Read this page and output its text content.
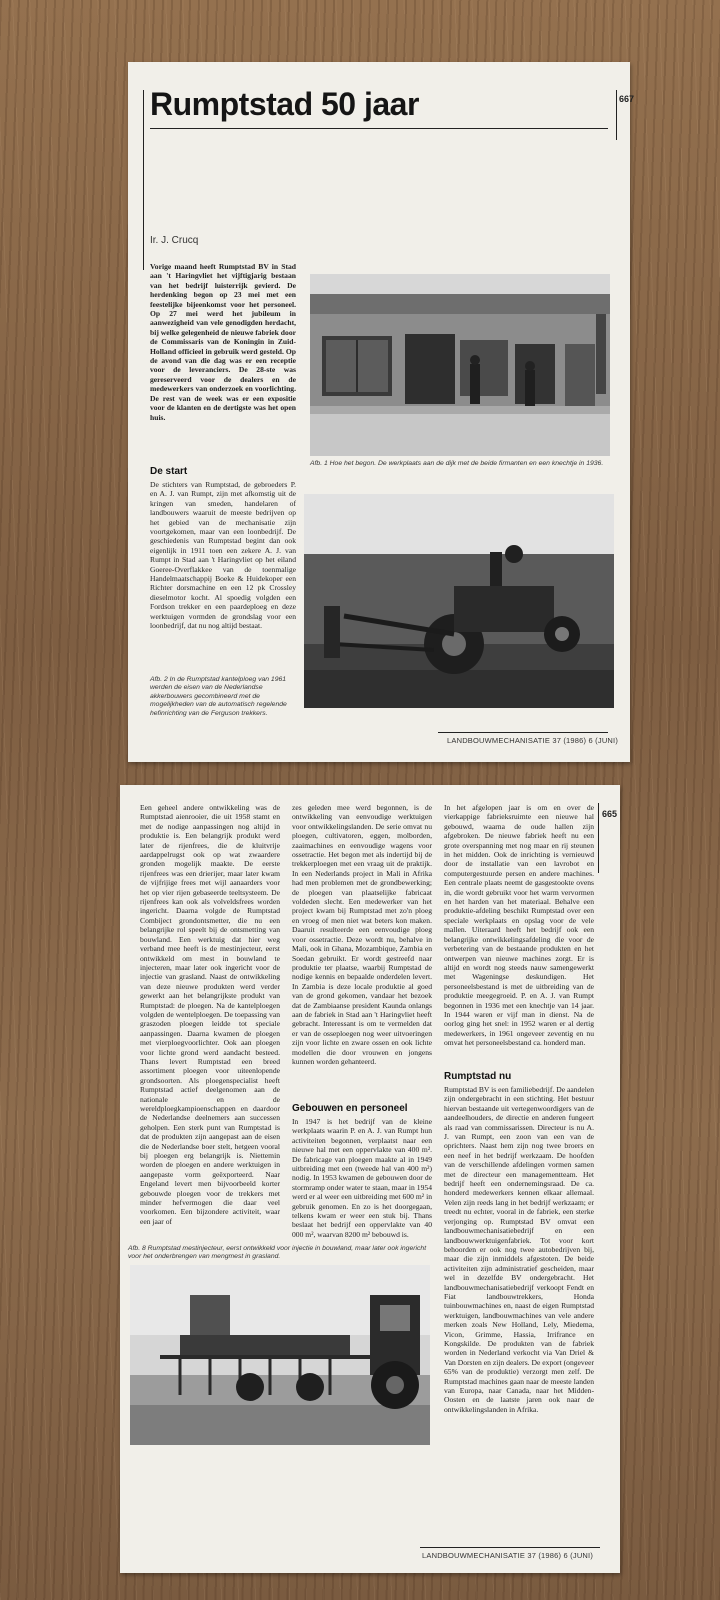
Rumptstad 50 jaar	667

Ir. J. Crucq

Vorige maand heeft Rumptstad BV in Stad aan 't Haringvliet het vijftigjarig bestaan van het bedrijf luisterrijk gevierd. De herdenking begon op 23 mei met een feestelijke bijeenkomst voor het personeel. Op 27 mei werd het jubileum in aanwezigheid van vele genodigden herdacht, bij welke gelegenheid de nieuwe fabriek door de Commissaris van de Koningin in Zuid-Holland officieel in gebruik werd gesteld. Op de avond van die dag was er een receptie voor de leveranciers. De 28-ste was gereserveerd voor de dealers en de medewerkers van onderzoek en voorlichting. De rest van de week was er een expositie voor de klanten en de dertigste was het open huis.

De start

De stichters van Rumptstad, de gebroeders P. en A. J. van Rumpt, zijn met afkomstig uit de kringen van smeden, handelaren of landbouwers waaruit de meeste bedrijven op het gebied van de mechanisatie zijn voortgekomen, maar van een loonbedrijf. De geschiedenis van Rumptstad begint dan ook eigenlijk in 1911 toen een zekere A. J. van Rumpt in Stad aan 't Haringvliet op het eiland Goeree-Overflakkee van de toenmalige Handelmaatschappij Boeke & Huidekoper een Richter dorsmachine en een 12 pk Crossley dieselmotor kocht. Al spoedig volgden een Fordson trekker en een paardeploeg en deze werktuigen vormden de grondslag voor een loonbedrijf, dat nu nog altijd bestaat.

Afb. 1 Hoe het begon. De werkplaats aan de dijk met de beide firmanten en een knechtje in 1936.

Afb. 2 In de Rumptstad kantelploeg van 1961 werden de eisen van de Nederlandse akkerbouwers gecombineerd met de mogelijkheden van de automatisch regelende hefinrichting van de Ferguson trekkers.

LANDBOUWMECHANISATIE 37 (1986) 6 (JUNI)

665

Een geheel andere ontwikkeling was de Rumptstad aienrooier, die uit 1958 stamt en met de nodige aanpassingen nog altijd in produktie is. Een belangrijk produkt werd later de rijenfrees, die de kluitvrije aardappelrugst ook op wat zwaardere gronden mogelijk maakte. De eerste rijenfrees was een drierijer, maar later kwam de vijfrijige frees met wijl aanaarders voor het op vier rijen gebaseerde teeltsysteem. De rijenfrees kan ook als volveldsfrees worden ingericht. Daarna volgde de Rumptstad Combiject grondontsmetter, die nu een belangrijke rol speelt bij de ontsmetting van bouwland. Een werktuig dat hier weg verband mee heeft is de mestinjecteur, eerst ontwikkeld om mest in bouwland te injecteren, maar later ook ingericht voor de injectie van grasland. Naast de ontwikkeling van deze nieuwe produkten werd verder gewerkt aan het belangrijkste produkt van Rumptstad: de ploegen. Na de kantelploegen volgden de wentelploegen. De toepassing van graszoden ploegen leidde tot speciale aanpassingen. Daarna kwamen de ploegen met vierploegvoorlichter. Ook aan ploegen voor lichte grond werd aandacht besteed. Thans levert Rumptstad een breed assortiment ploegen voor uiteenlopende grondsoorten. Als ploegenspecialist heeft Rumptstad actief deelgenomen aan de nationale en de wereldploegkampioenschappen en daardoor de Nederlandse deelnemers aan successen geholpen. Een sterk punt van Rumptstad is dat de produkten zijn aangepast aan de eisen die de Nederlandse boer stelt, hetgeen vooral bij ploegen erg belangrijk is. Niettemin worden de ploegen en andere werktuigen in aangepaste vorm geëxporteerd. Naar Engeland levert men bijvoorbeeld korter gebouwde ploegen voor de trekkers met minder hefvermogen die daar veel voorkomen. Een bijzondere activiteit, waar een jaar of

zes geleden mee werd begonnen, is de ontwikkeling van eenvoudige werktuigen voor ontwikkelingslanden. De serie omvat nu ploegen, cultivatoren, eggen, molborden, zaaimachines en eenvoudige wagens voor ossetractie. Het begon met als indertijd bij de trekkerploegen met een vraag uit de praktijk. In een Nederlands project in Mali in Afrika had men problemen met de grondbewerking; de ploegen van plaatselijke fabricaat voldeden slecht. Een medewerker van het project kwam bij Rumptstad met zo'n ploeg en vroeg of men niet wat beters kon maken. Daaruit resulteerde een eenvoudige ploeg voor ossetractie. Deze wordt nu, behalve in Mali, ook in Ghana, Mozambique, Zambia en Soedan gebruikt. Er wordt gestreefd naar produktie ter plaatse, waarbij Rumptstad de nodige kennis en bepaalde onderdelen levert. In Zambia is deze locale produktie al goed van de grond gekomen, vandaar het bezoek dat de Zambiaanse president Kaunda onlangs aan de fabriek in Stad aan 't Haringvliet heeft gebracht. Interessant is om te vermelden dat er van de osseploegen nog weer uitvoeringen zijn voor lichte en zware ossen en ook lichte modellen die door vrouwen en jongens kunnen worden gehanteerd.

Gebouwen en personeel

In 1947 is het bedrijf van de kleine werkplaats waarin P. en A. J. van Rumpt hun activiteiten begonnen, verplaatst naar een nieuwe hal met een oppervlakte van 400 m². De fabricage van ploegen maakte al in 1949 uitbreiding met een (tweede hal van 400 m²) nodig. In 1953 kwamen de gebouwen door de stormramp onder water te staan, maar in 1954 werd er al weer een uitbreiding met 600 m² in gebruik genomen. En zo is het doorgegaan, telkens kwam er weer een stuk bij. Thans beslaat het bedrijf een oppervlakte van 40 000 m², waarvan 8200 m² bebouwd is.

In het afgelopen jaar is om en over de vierkappige fabrieksruimte een nieuwe hal gebouwd, waarna de oude hallen zijn afgebroken. De nieuwe fabriek heeft nu een grote overspanning met nog maar en rij steunen in het midden. Ook de inrichting is vernieuwd door de installatie van een lavrobot en computergestuurde persen en andere machines. Een centrale plaats neemt de gasgestookte ovens in, die wordt gebruikt voor het warm vervormen en het harden van het materiaal. Behalve een produktie-afdeling beschikt Rumptstad over een speciale werkplaats en opslag voor de vele mallen. Uiteraard heeft het bedrijf ook een belangrijke ontwikkelingsafdeling die voor de verbetering van de bestaande produkten en het ontwerpen van nieuwe machines zorgt. Er is altijd en wordt nog steeds nauw samengewerkt met Wageningse deskundigen. Het personeelsbestand is met de uitbreiding van de produktie meegegroeid. P. en A. J. van Rumpt begonnen in 1936 met een knechtje van 14 jaar. In 1944 waren er vijf man in dienst. Na de oorlog ging het snel: in 1952 waren er al dertig medewerkers, in 1961 ongeveer zeventig en nu omvat het personeelsbestand ca. honderd man.

Rumptstad nu

Rumptstad BV is een familiebedrijf. De aandelen zijn ondergebracht in een stichting. Het bestuur hiervan bestaande uit vertegenwoordigers van de aandeelhouders, de directie en anderen fungeert als raad van commissarissen. Directeur is nu A. J. van Rumpt, een zoon van een van de oprichters. Naast hem zijn nog twee broers en een neef in het bedrijf werkzaam. De hoofden van de verschillende afdelingen vormen samen met de directeur een managementteam. Het bedrijf heeft een ondernemingsraad. De ca. honderd medewerkers kennen elkaar allemaal. Velen zijn reeds lang in het bedrijf werkzaam; er treedt nu echter, vooral in de fabriek, een sterke verjonging op. Rumptstad BV omvat een landbouwmechanisatiebedrijf en een landbouwwerktuigenfabriek. Tot voor kort behoorden er ook nog twee autobedrijven bij, maar die zijn inmiddels afgestoten. De beide activiteiten zijn administratief gescheiden, maar wel in dezelfde BV ondergebracht. Het landbouwmechanisatiebedrijf verkoopt Fendt en Fiat landbouwtrekkers, Honda tuinbouwmachines en, naast de eigen Rumptstad werktuigen, landbouwmachines van vele andere merken zoals New Holland, Lely, Miedema, Vicon, Grimme, Hassia, Irrifrance en Kongskilde. De produkten van de fabriek worden in Nederland verkocht via Van Driel & Van Dorsten en zijn dealers. De export (ongeveer 65% van de produktie) verzorgt men zelf. De Rumptstad machines gaan naar de meeste landen van Europa, naar Canada, naar het Midden-Oosten en de laatste jaren ook naar de ontwikkelingslanden in Afrika.

Afb. 8 Rumptstad mestinjecteur, eerst ontwikkeld voor injectie in bouwland, maar later ook ingericht voor het onderbrengen van mengmest in grasland.

LANDBOUWMECHANISATIE 37 (1986) 6 (JUNI)
